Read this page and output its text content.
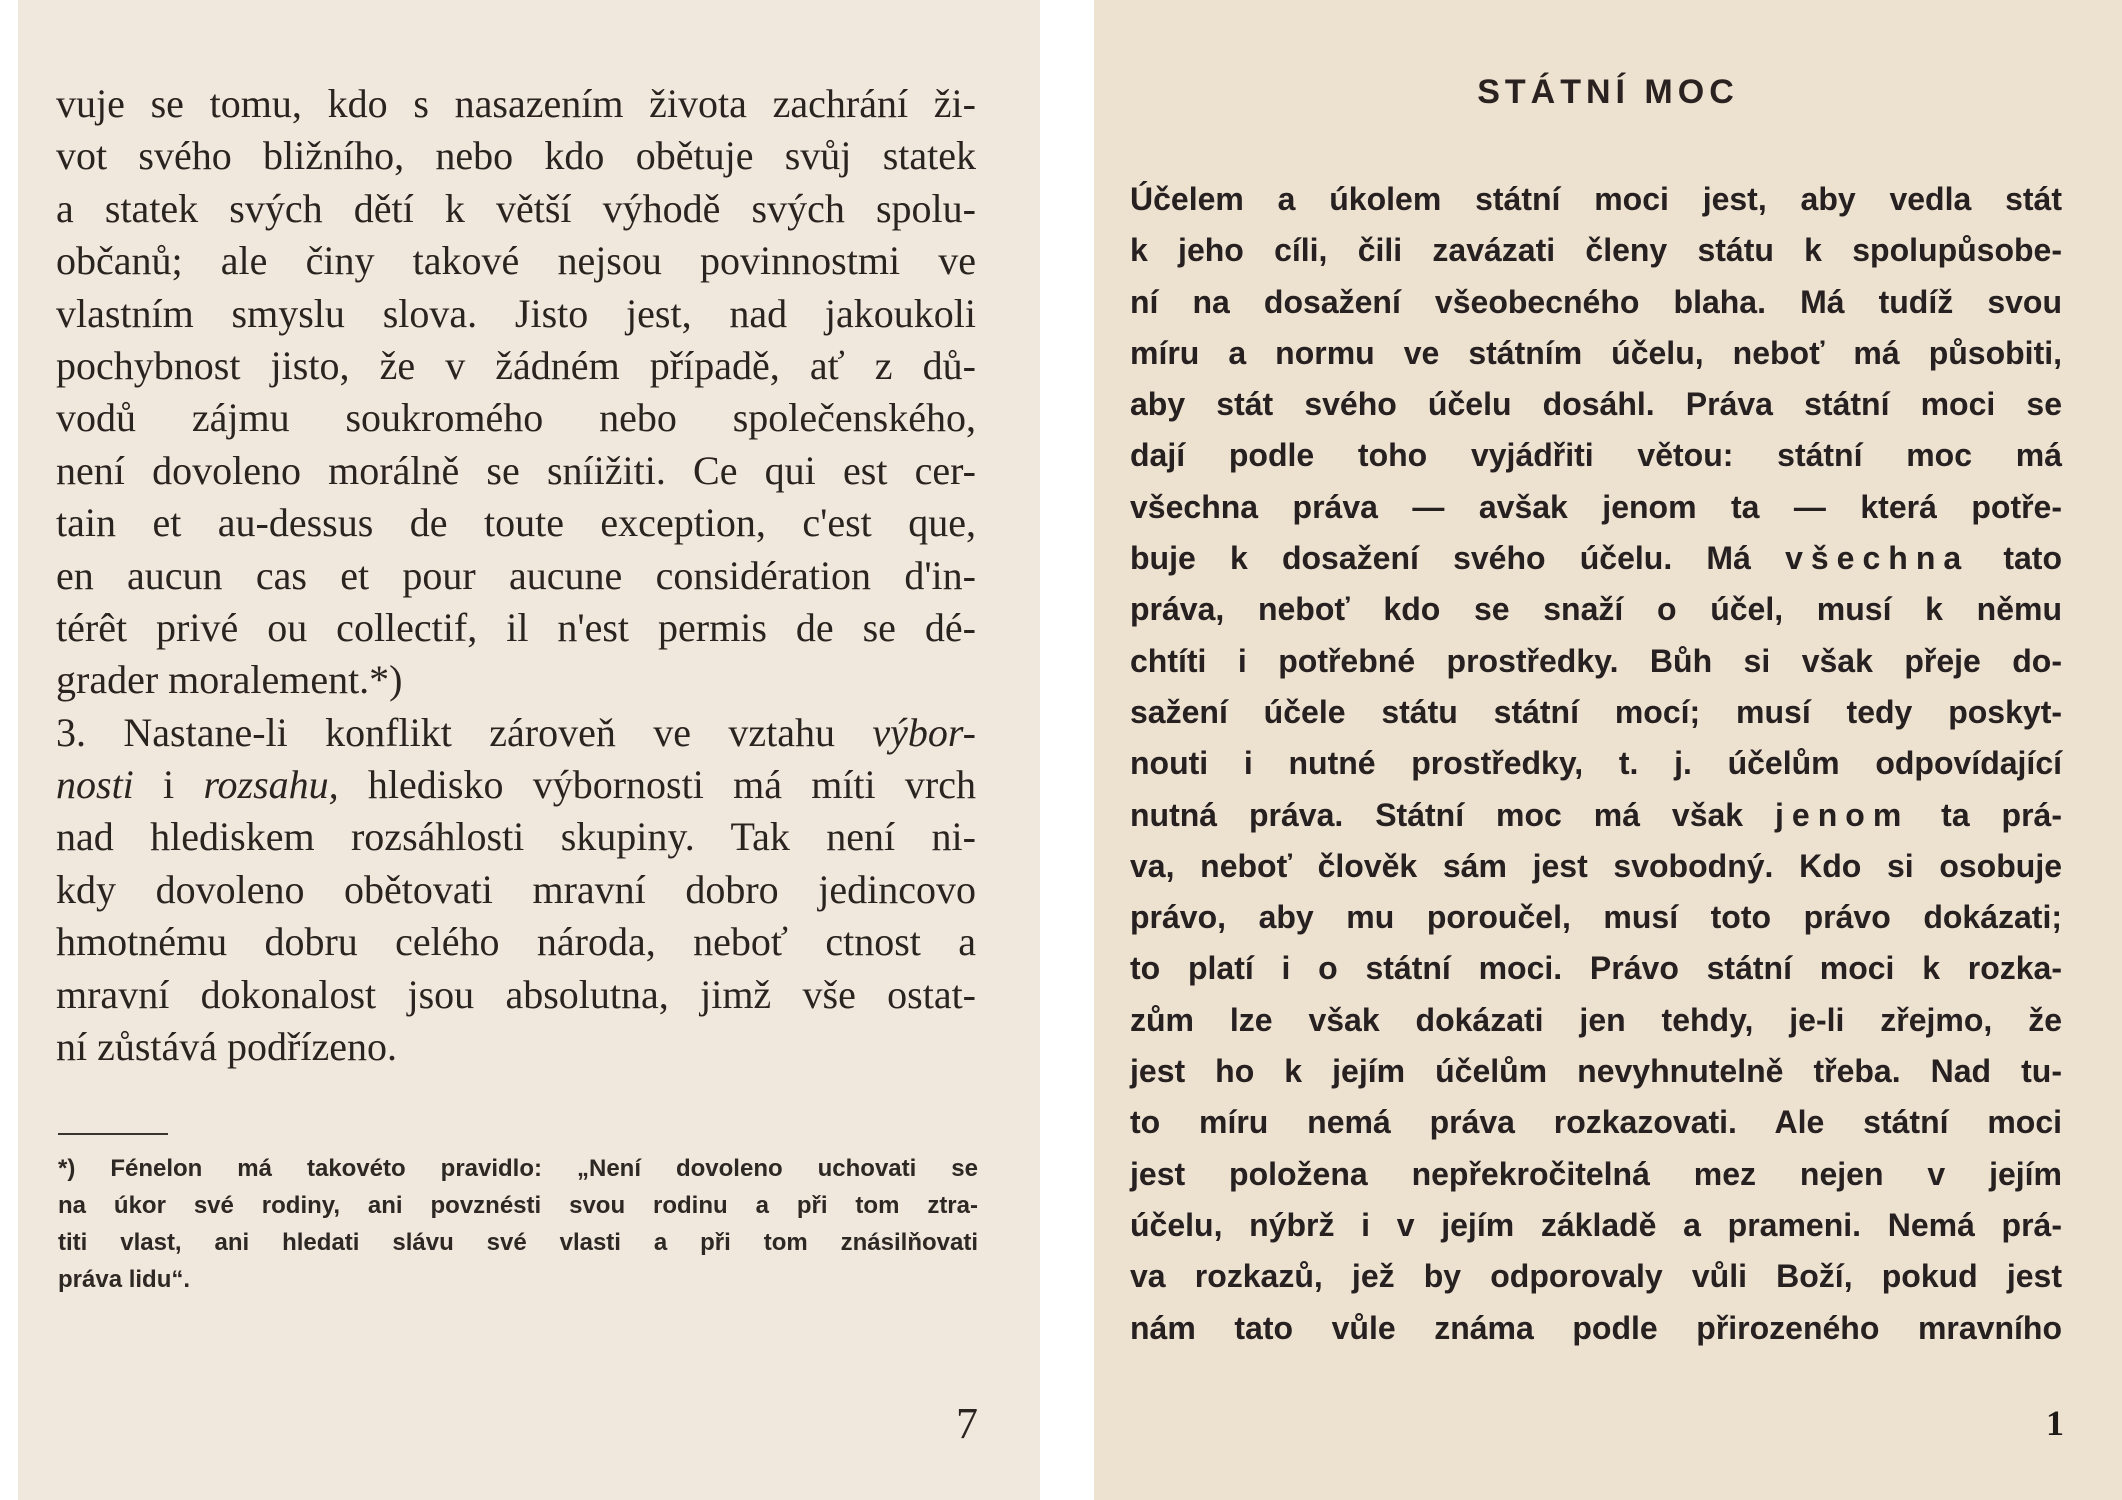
vuje se tomu, kdo s nasazením života zachrání ži-
vot svého bližního, nebo kdo obětuje svůj statek
a statek svých dětí k větší výhodě svých spolu-
občanů; ale činy takové nejsou povinnostmi ve
vlastním smyslu slova. Jisto jest, nad jakoukoli
pochybnost jisto, že v žádném případě, ať z dů-
vodů zájmu soukromého nebo společenského,
není dovoleno morálně se sníižiti. Ce qui est cer-
tain et au-dessus de toute exception, c'est que,
en aucun cas et pour aucune considération d'in-
térêt privé ou collectif, il n'est permis de se dé-
grader moralement.*)
3. Nastane-li konflikt zároveň ve vztahu výbor-
nosti i rozsahu, hledisko výbornosti má míti vrch
nad hlediskem rozsáhlosti skupiny. Tak není ni-
kdy dovoleno obětovati mravní dobro jedincovo
hmotnému dobru celého národa, neboť ctnost a
mravní dokonalost jsou absolutna, jimž vše ostat-
ní zůstává podřízeno.
*) Fénelon má takovéto pravidlo: „Není dovoleno uchovati se
na úkor své rodiny, ani povznésti svou rodinu a při tom ztra-
titi vlast, ani hledati slávu své vlasti a při tom znásilňovati
práva lidu“.
7
STÁTNÍ MOC
Účelem a úkolem státní moci jest, aby vedla stát
k jeho cíli, čili zavázati členy státu k spolupůsobe-
ní na dosažení všeobecného blaha. Má tudíž svou
míru a normu ve státním účelu, neboť má působiti,
aby stát svého účelu dosáhl. Práva státní moci se
dají podle toho vyjádřiti větou: státní moc má
všechna práva — avšak jenom ta — která potře-
buje k dosažení svého účelu. Má všechna tato
práva, neboť kdo se snaží o účel, musí k němu
chtíti i potřebné prostředky. Bůh si však přeje do-
sažení účele státu státní mocí; musí tedy poskyt-
nouti i nutné prostředky, t. j. účelům odpovídající
nutná práva. Státní moc má však jenom ta prá-
va, neboť člověk sám jest svobodný. Kdo si osobuje
právo, aby mu poroučel, musí toto právo dokázati;
to platí i o státní moci. Právo státní moci k rozka-
zům lze však dokázati jen tehdy, je-li zřejmo, že
jest ho k jejím účelům nevyhnutelně třeba. Nad tu-
to míru nemá práva rozkazovati. Ale státní moci
jest položena nepřekročitelná mez nejen v jejím
účelu, nýbrž i v jejím základě a prameni. Nemá prá-
va rozkazů, jež by odporovaly vůli Boží, pokud jest
nám tato vůle známa podle přirozeného mravního
1
